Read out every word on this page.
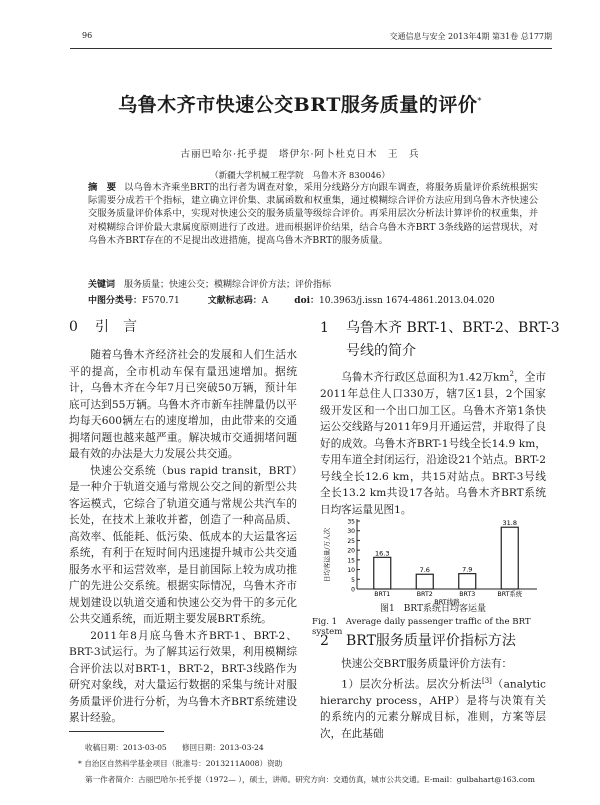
96	交通信息与安全 2013年4期 第31卷 总177期
乌鲁木齐市快速公交BRT服务质量的评价*
古丽巴哈尔·托乎提　塔伊尔·阿卜杜克日木　王　兵
（新疆大学机械工程学院　乌鲁木齐 830046）
摘　要 以乌鲁木齐乘坐BRT的出行者为调查对象，采用分线路分方向跟车调查，将服务质量评价系统根据实际需要分成若干个指标，建立确立评价集、隶属函数和权重集，通过模糊综合评价方法应用到乌鲁木齐快速公交服务质量评价体系中，实现对快速公交的服务质量等级综合评价。再采用层次分析法计算评价的权重集，并对模糊综合评价最大隶属度原则进行了改进。进而根据评价结果，结合乌鲁木齐BRT 3条线路的运营现状，对乌鲁木齐BRT存在的不足提出改进措施，提高乌鲁木齐BRT的服务质量。
关键词　 服务质量；快速公交；模糊综合评价方法；评价指标
中图分类号：F570.71	文献标志码：A	doi：10.3963/j.issn 1674-4861.2013.04.020
0 引　言

随着乌鲁木齐经济社会的发展和人们生活水平的提高，全市机动车保有量迅速增加。据统计，乌鲁木齐在今年7月已突破50万辆，预计年底可达到55万辆。乌鲁木齐市新车挂牌量仍以平均每天600辆左右的速度增加，由此带来的交通拥堵问题也越来越严重。解决城市交通拥堵问题最有效的办法是大力发展公共交通。

快速公交系统（bus rapid transit，BRT）是一种介于轨道交通与常规公交之间的新型公共客运模式，它综合了轨道交通与常规公共汽车的长处，在技术上兼收并蓄，创造了一种高品质、高效率、低能耗、低污染、低成本的大运量客运系统，有利于在短时间内迅速提升城市公共交通服务水平和运营效率，是目前国际上较为成功推广的先进公交系统。根据实际情况，乌鲁木齐市规划建设以轨道交通和快速公交为骨干的多元化公共交通系统，而近期主要发展BRT系统。

2011年8月底乌鲁木齐BRT-1、BRT-2、BRT-3试运行。为了解其运行效果，利用模糊综合评价法以对BRT-1，BRT-2，BRT-3线路作为研究对象线，对大量运行数据的采集与统计对服务质量评价进行分析，为乌鲁木齐BRT系统建设累计经验。

1 乌鲁木齐 BRT-1、BRT-2、BRT-3
号线的简介

乌鲁木齐行政区总面积为1.42万$km^2$，全市2011年总住人口330万，辖7区1县，2个国家级开发区和一个出口加工区。乌鲁木齐第1条快运公交线路与2011年9月开通运营，并取得了良好的成效。乌鲁木齐BRT-1号线全长14.9 km，专用车道全封闭运行，沿途设21个站点。BRT-2号线全长12.6 km，共15对站点。BRT-3号线全长13.2 km共设17各站。乌鲁木齐BRT系统日均客运量见图1。

0
5
10
15
20
25
30
35
日均客运量/万人次	16.3
BRT1
7.6
BRT2
7.9
BRT3
31.8
BRT系统
BRT线路
图1　BRT系统日均客运量
Fig. 1　Average daily passenger traffic of the BRT system
2 BRT服务质量评价指标方法

快速公交BRT服务质量评价方法有：

1）层次分析法。层次分析法[3]（analytic hierarchy process，AHP）是将与决策有关的系统内的元素分解成目标，准则，方案等层次，在此基础

收稿日期：2013-03-05　　修回日期：2013-03-24
* 自治区自然科学基金项目（批准号：2013211A008）资助
第一作者简介：古丽巴哈尔·托乎提（1972— ），硕士，讲师。研究方向：交通仿真，城市公共交通。E-mail：gulbahart@163.com
